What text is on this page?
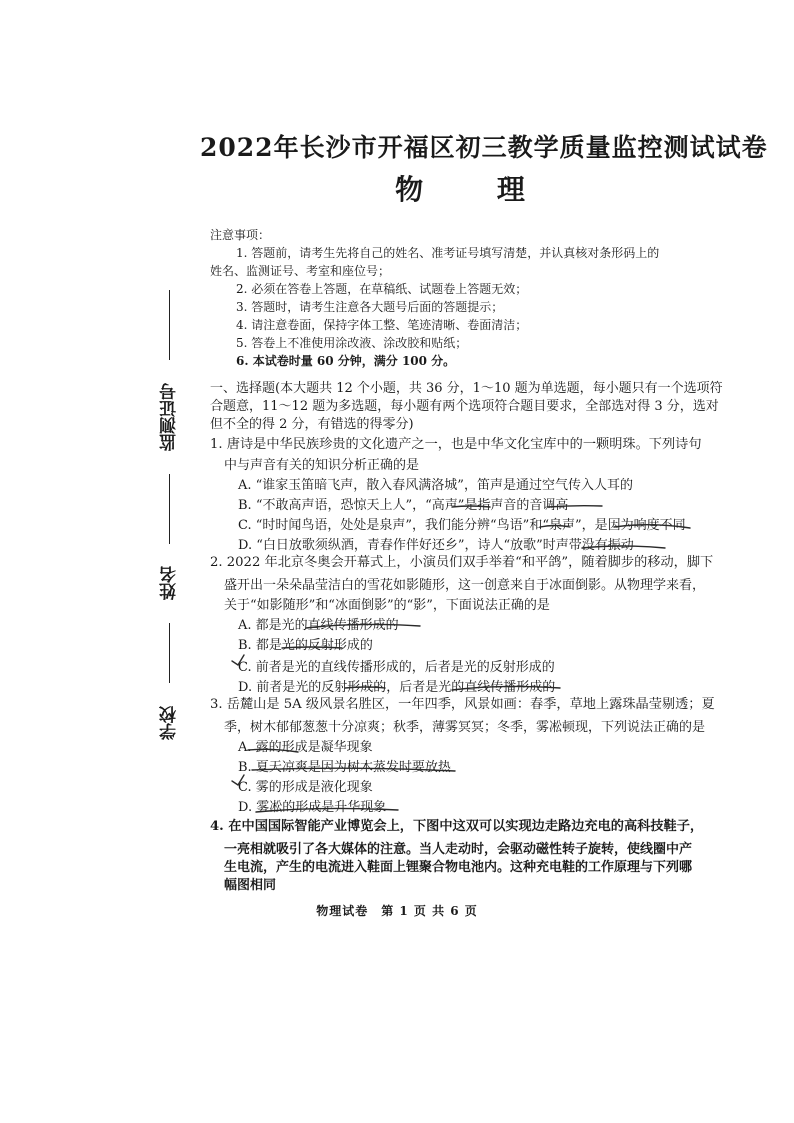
2022年长沙市开福区初三教学质量监控测试试卷
物	理
学校
姓名
监测证号
注意事项：
1. 答题前，请考生先将自己的姓名、准考证号填写清楚，并认真核对条形码上的
姓名、监测证号、考室和座位号；
2. 必须在答卷上答题，在草稿纸、试题卷上答题无效；
3. 答题时，请考生注意各大题号后面的答题提示；
4. 请注意卷面，保持字体工整、笔迹清晰、卷面清洁；
5. 答卷上不准使用涂改液、涂改胶和贴纸；
6. 本试卷时量 60 分钟，满分 100 分。
一、选择题(本大题共 12 个小题，共 36 分，1～10 题为单选题，每小题只有一个选项符
合题意，11～12 题为多选题，每小题有两个选项符合题目要求，全部选对得 3 分，选对
但不全的得 2 分，有错选的得零分)
1. 唐诗是中华民族珍贵的文化遗产之一，也是中华文化宝库中的一颗明珠。下列诗句
中与声音有关的知识分析正确的是
A. “谁家玉笛暗飞声，散入春风满洛城”，笛声是通过空气传入人耳的
B. “不敢高声语，恐惊天上人”，“高声”是指声音的音调高
C. “时时闻鸟语，处处是泉声”，我们能分辨“鸟语”和“泉声”，是因为响度不同
D. “白日放歌须纵酒，青春作伴好还乡”，诗人“放歌”时声带没有振动
2. 2022 年北京冬奥会开幕式上，小演员们双手举着“和平鸽”，随着脚步的移动，脚下
盛开出一朵朵晶莹洁白的雪花如影随形，这一创意来自于冰面倒影。从物理学来看，
关于“如影随形”和“冰面倒影”的“影”，下面说法正确的是
A. 都是光的直线传播形成的
B. 都是光的反射形成的
C. 前者是光的直线传播形成的，后者是光的反射形成的
D. 前者是光的反射形成的，后者是光的直线传播形成的
3. 岳麓山是 5A 级风景名胜区，一年四季，风景如画：春季，草地上露珠晶莹剔透；夏
季，树木郁郁葱葱十分凉爽；秋季，薄雾冥冥；冬季，雾凇顿现，下列说法正确的是
A. 露的形成是凝华现象
B. 夏天凉爽是因为树木蒸发时要放热
C. 雾的形成是液化现象
D. 雾凇的形成是升华现象
4. 在中国国际智能产业博览会上，下图中这双可以实现边走路边充电的高科技鞋子，
一亮相就吸引了各大媒体的注意。当人走动时，会驱动磁性转子旋转，使线圈中产
生电流，产生的电流进入鞋面上锂聚合物电池内。这种充电鞋的工作原理与下列哪
幅图相同
物理试卷　第 1 页 共 6 页
